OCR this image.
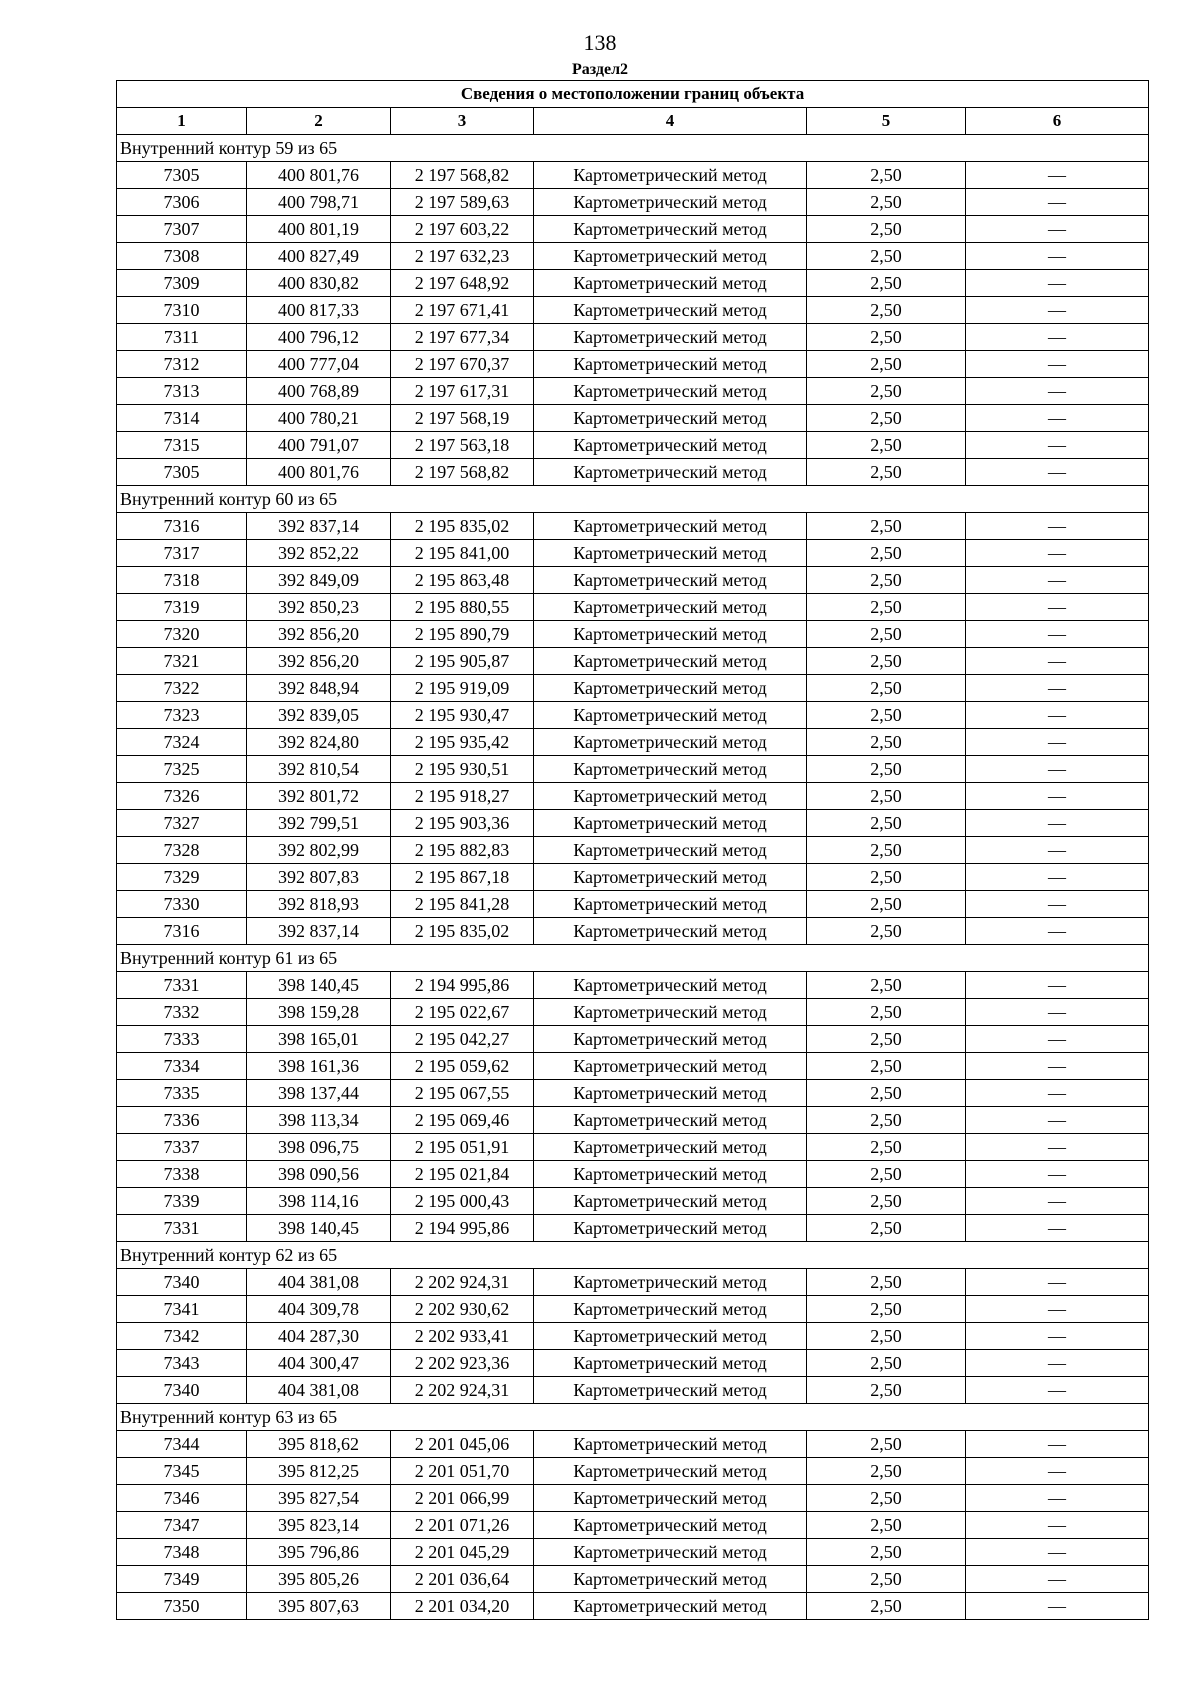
138
Раздел2
Сведения о местоположении границ объекта					
1	2	3	4	5	6
Внутренний контур 59 из 65					
7305	400 801,76	2 197 568,82	Картометрический метод	2,50	—
7306	400 798,71	2 197 589,63	Картометрический метод	2,50	—
7307	400 801,19	2 197 603,22	Картометрический метод	2,50	—
7308	400 827,49	2 197 632,23	Картометрический метод	2,50	—
7309	400 830,82	2 197 648,92	Картометрический метод	2,50	—
7310	400 817,33	2 197 671,41	Картометрический метод	2,50	—
7311	400 796,12	2 197 677,34	Картометрический метод	2,50	—
7312	400 777,04	2 197 670,37	Картометрический метод	2,50	—
7313	400 768,89	2 197 617,31	Картометрический метод	2,50	—
7314	400 780,21	2 197 568,19	Картометрический метод	2,50	—
7315	400 791,07	2 197 563,18	Картометрический метод	2,50	—
7305	400 801,76	2 197 568,82	Картометрический метод	2,50	—
Внутренний контур 60 из 65					
7316	392 837,14	2 195 835,02	Картометрический метод	2,50	—
7317	392 852,22	2 195 841,00	Картометрический метод	2,50	—
7318	392 849,09	2 195 863,48	Картометрический метод	2,50	—
7319	392 850,23	2 195 880,55	Картометрический метод	2,50	—
7320	392 856,20	2 195 890,79	Картометрический метод	2,50	—
7321	392 856,20	2 195 905,87	Картометрический метод	2,50	—
7322	392 848,94	2 195 919,09	Картометрический метод	2,50	—
7323	392 839,05	2 195 930,47	Картометрический метод	2,50	—
7324	392 824,80	2 195 935,42	Картометрический метод	2,50	—
7325	392 810,54	2 195 930,51	Картометрический метод	2,50	—
7326	392 801,72	2 195 918,27	Картометрический метод	2,50	—
7327	392 799,51	2 195 903,36	Картометрический метод	2,50	—
7328	392 802,99	2 195 882,83	Картометрический метод	2,50	—
7329	392 807,83	2 195 867,18	Картометрический метод	2,50	—
7330	392 818,93	2 195 841,28	Картометрический метод	2,50	—
7316	392 837,14	2 195 835,02	Картометрический метод	2,50	—
Внутренний контур 61 из 65					
7331	398 140,45	2 194 995,86	Картометрический метод	2,50	—
7332	398 159,28	2 195 022,67	Картометрический метод	2,50	—
7333	398 165,01	2 195 042,27	Картометрический метод	2,50	—
7334	398 161,36	2 195 059,62	Картометрический метод	2,50	—
7335	398 137,44	2 195 067,55	Картометрический метод	2,50	—
7336	398 113,34	2 195 069,46	Картометрический метод	2,50	—
7337	398 096,75	2 195 051,91	Картометрический метод	2,50	—
7338	398 090,56	2 195 021,84	Картометрический метод	2,50	—
7339	398 114,16	2 195 000,43	Картометрический метод	2,50	—
7331	398 140,45	2 194 995,86	Картометрический метод	2,50	—
Внутренний контур 62 из 65					
7340	404 381,08	2 202 924,31	Картометрический метод	2,50	—
7341	404 309,78	2 202 930,62	Картометрический метод	2,50	—
7342	404 287,30	2 202 933,41	Картометрический метод	2,50	—
7343	404 300,47	2 202 923,36	Картометрический метод	2,50	—
7340	404 381,08	2 202 924,31	Картометрический метод	2,50	—
Внутренний контур 63 из 65					
7344	395 818,62	2 201 045,06	Картометрический метод	2,50	—
7345	395 812,25	2 201 051,70	Картометрический метод	2,50	—
7346	395 827,54	2 201 066,99	Картометрический метод	2,50	—
7347	395 823,14	2 201 071,26	Картометрический метод	2,50	—
7348	395 796,86	2 201 045,29	Картометрический метод	2,50	—
7349	395 805,26	2 201 036,64	Картометрический метод	2,50	—
7350	395 807,63	2 201 034,20	Картометрический метод	2,50	—
